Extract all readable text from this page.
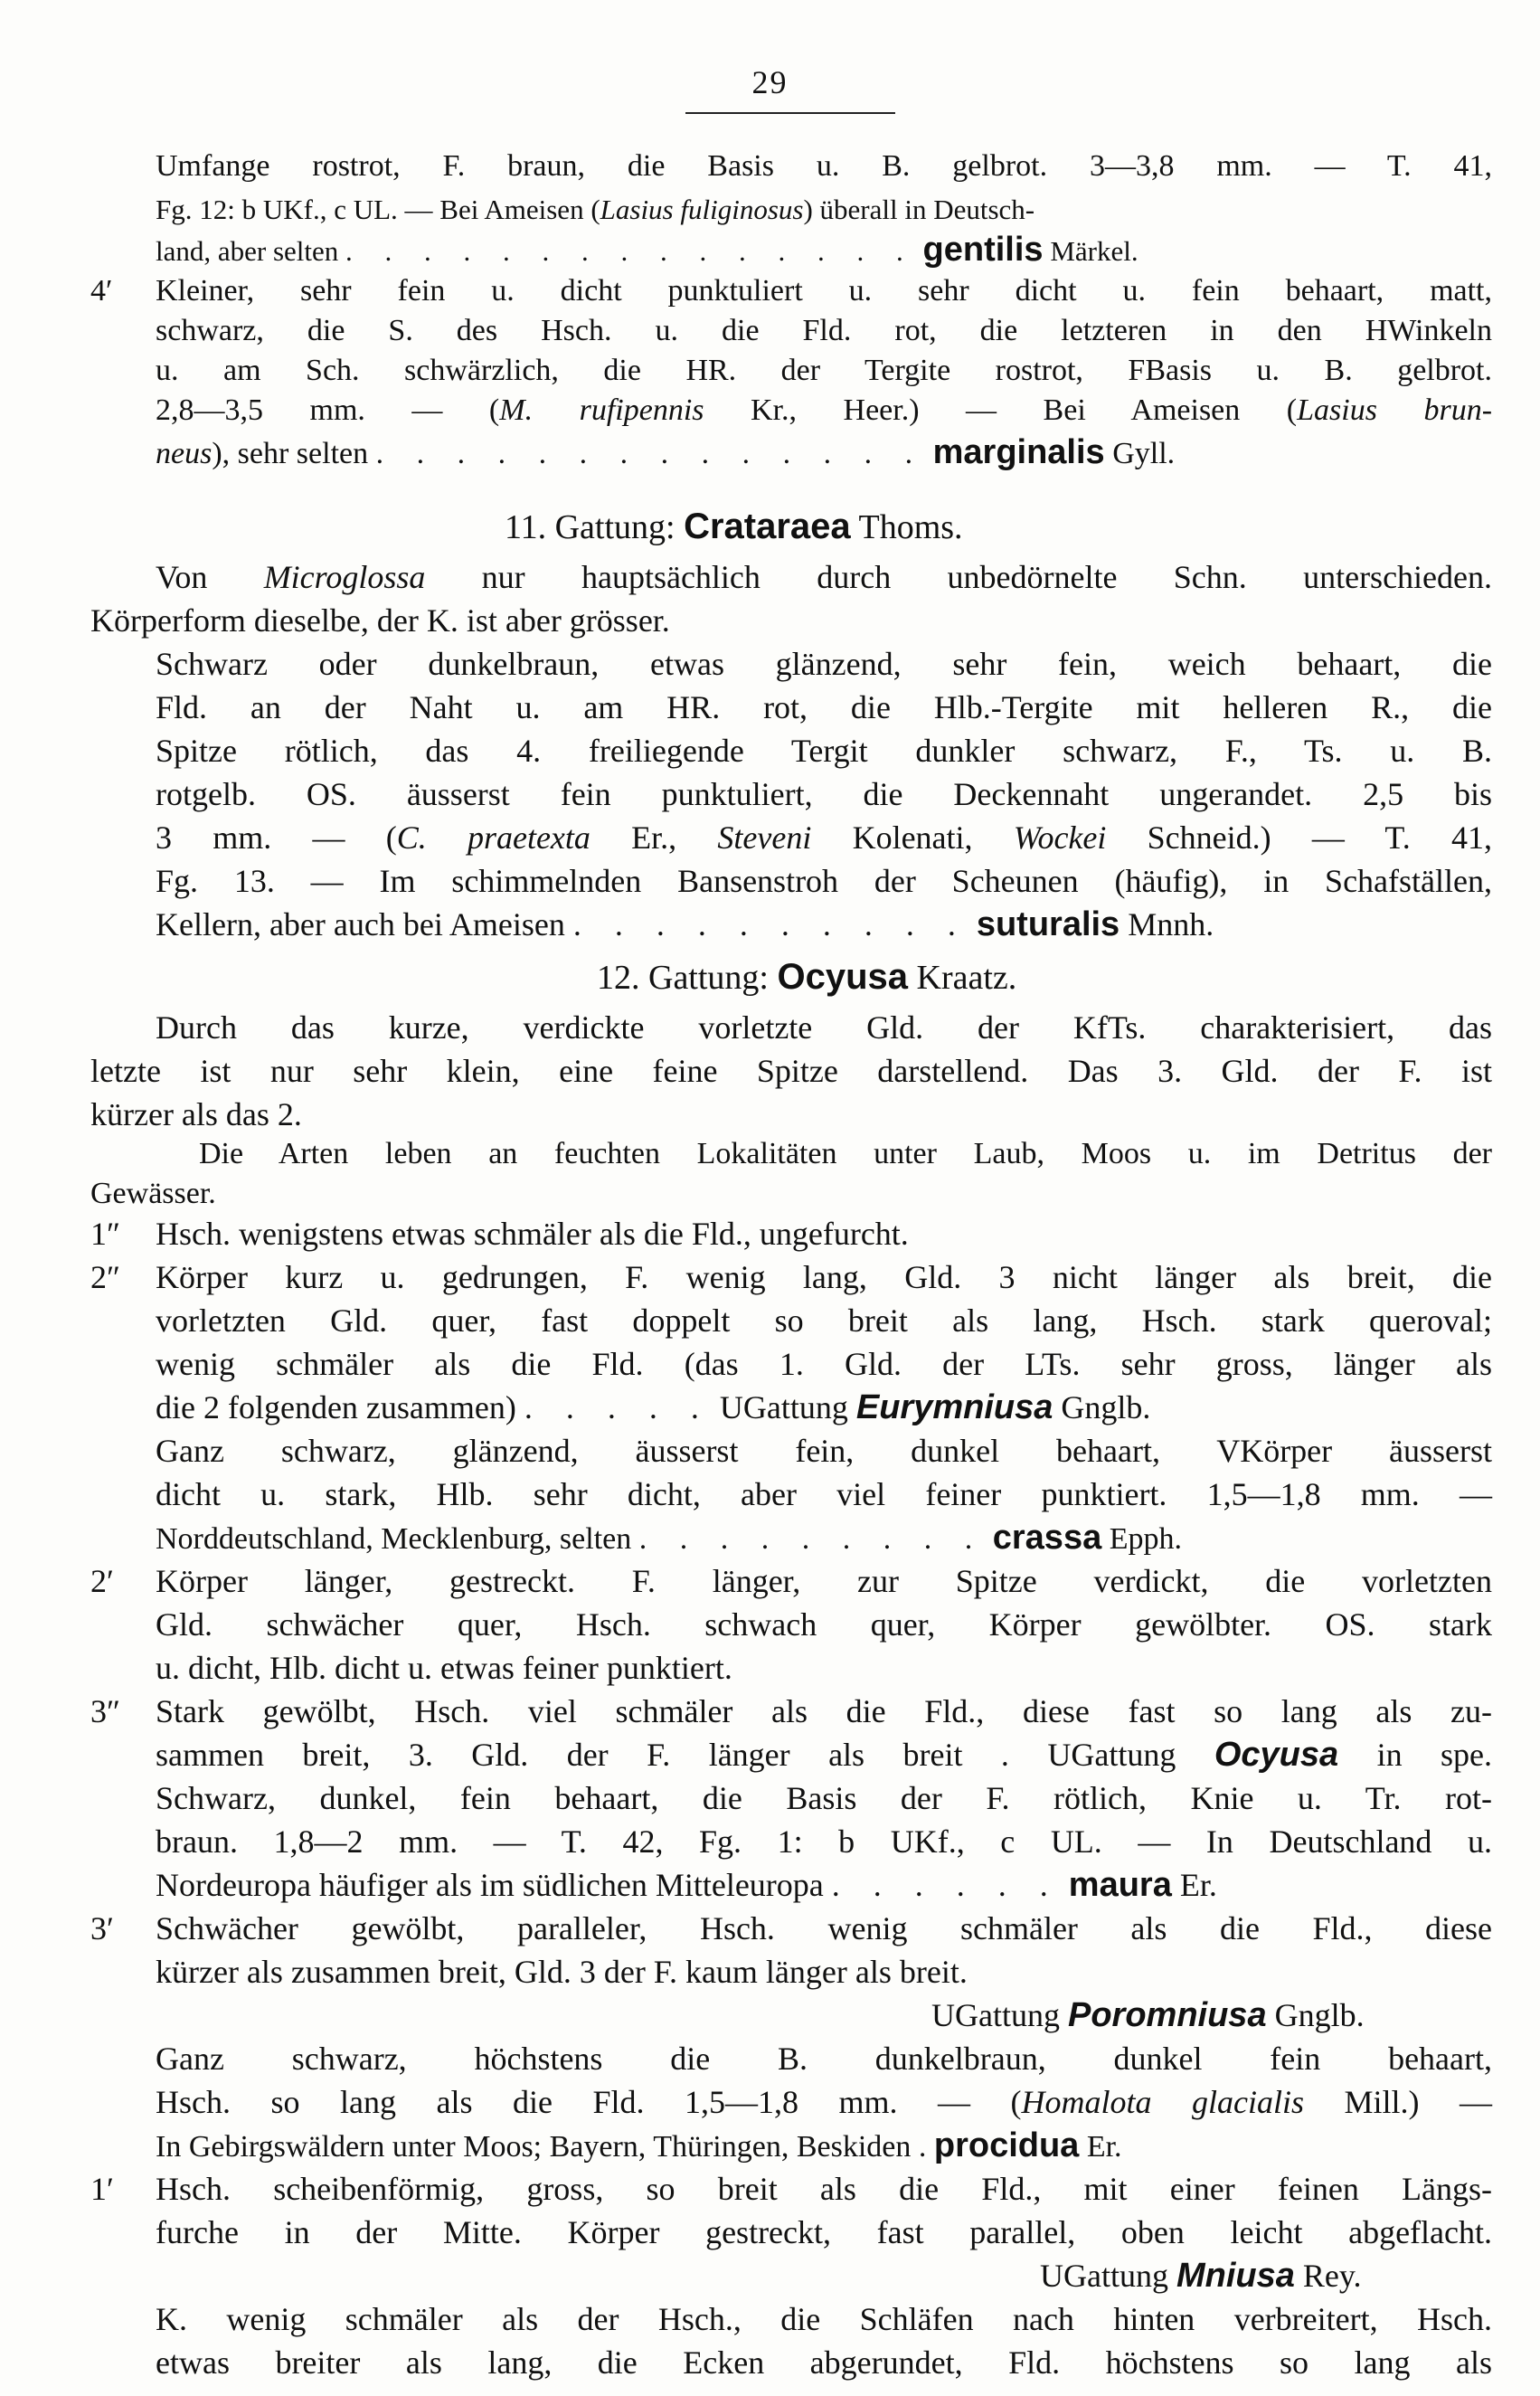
29
Umfange rostrot, F. braun, die Basis u. B. gelbrot. 3—3,8 mm. — T. 41,
Fg. 12: b UKf., c UL. — Bei Ameisen (Lasius fuliginosus) überall in Deutsch-
land, aber selten . . . . . . . . . . . . . . . gentilis Märkel.
4′ Kleiner, sehr fein u. dicht punktuliert u. sehr dicht u. fein behaart, matt,
schwarz, die S. des Hsch. u. die Fld. rot, die letzteren in den HWinkeln
u. am Sch. schwärzlich, die HR. der Tergite rostrot, FBasis u. B. gelbrot.
2,8—3,5 mm. — (M. rufipennis Kr., Heer.) — Bei Ameisen (Lasius brun-
neus), sehr selten . . . . . . . . . . . . . . marginalis Gyll.
11. Gattung: Crataraea Thoms.
Von Microglossa nur hauptsächlich durch unbedörnelte Schn. unterschieden.
Körperform dieselbe, der K. ist aber grösser.
Schwarz oder dunkelbraun, etwas glänzend, sehr fein, weich behaart, die
Fld. an der Naht u. am HR. rot, die Hlb.-Tergite mit helleren R., die
Spitze rötlich, das 4. freiliegende Tergit dunkler schwarz, F., Ts. u. B.
rotgelb. OS. äusserst fein punktuliert, die Deckennaht ungerandet. 2,5 bis
3 mm. — (C. praetexta Er., Steveni Kolenati, Wockei Schneid.) — T. 41,
Fg. 13. — Im schimmelnden Bansenstroh der Scheunen (häufig), in Schafställen,
Kellern, aber auch bei Ameisen . . . . . . . . . . suturalis Mnnh.
12. Gattung: Ocyusa Kraatz.
Durch das kurze, verdickte vorletzte Gld. der KfTs. charakterisiert, das
letzte ist nur sehr klein, eine feine Spitze darstellend. Das 3. Gld. der F. ist
kürzer als das 2.
Die Arten leben an feuchten Lokalitäten unter Laub, Moos u. im Detritus der
Gewässer.
1″ Hsch. wenigstens etwas schmäler als die Fld., ungefurcht.
2″ Körper kurz u. gedrungen, F. wenig lang, Gld. 3 nicht länger als breit, die
vorletzten Gld. quer, fast doppelt so breit als lang, Hsch. stark queroval;
wenig schmäler als die Fld. (das 1. Gld. der LTs. sehr gross, länger als
die 2 folgenden zusammen) . . . . . UGattung Eurymniusa Gnglb.
Ganz schwarz, glänzend, äusserst fein, dunkel behaart, VKörper äusserst
dicht u. stark, Hlb. sehr dicht, aber viel feiner punktiert. 1,5—1,8 mm. —
Norddeutschland, Mecklenburg, selten . . . . . . . . . crassa Epph.
2′ Körper länger, gestreckt. F. länger, zur Spitze verdickt, die vorletzten
Gld. schwächer quer, Hsch. schwach quer, Körper gewölbter. OS. stark
u. dicht, Hlb. dicht u. etwas feiner punktiert.
3″ Stark gewölbt, Hsch. viel schmäler als die Fld., diese fast so lang als zu-
sammen breit, 3. Gld. der F. länger als breit . UGattung Ocyusa in spe.
Schwarz, dunkel, fein behaart, die Basis der F. rötlich, Knie u. Tr. rot-
braun. 1,8—2 mm. — T. 42, Fg. 1: b UKf., c UL. — In Deutschland u.
Nordeuropa häufiger als im südlichen Mitteleuropa . . . . . . maura Er.
3′ Schwächer gewölbt, paralleler, Hsch. wenig schmäler als die Fld., diese
kürzer als zusammen breit, Gld. 3 der F. kaum länger als breit.
UGattung Poromniusa Gnglb.
Ganz schwarz, höchstens die B. dunkelbraun, dunkel fein behaart,
Hsch. so lang als die Fld. 1,5—1,8 mm. — (Homalota glacialis Mill.) —
In Gebirgswäldern unter Moos; Bayern, Thüringen, Beskiden . procidua Er.
1′ Hsch. scheibenförmig, gross, so breit als die Fld., mit einer feinen Längs-
furche in der Mitte. Körper gestreckt, fast parallel, oben leicht abgeflacht.
UGattung Mniusa Rey.
K. wenig schmäler als der Hsch., die Schläfen nach hinten verbreitert, Hsch.
etwas breiter als lang, die Ecken abgerundet, Fld. höchstens so lang als
